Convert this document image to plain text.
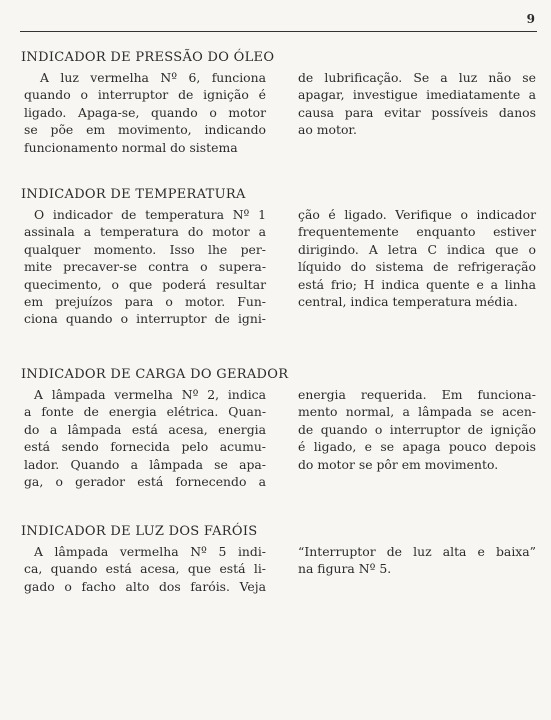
9
INDICADOR DE PRESSÃO DO ÓLEO
A luz vermelha Nº 6, funciona
quando o interruptor de ignição é
ligado. Apaga-se, quando o motor
se põe em movimento, indicando
funcionamento normal do sistema
de lubrificação. Se a luz não se
apagar, investigue imediatamente a
causa para evitar possíveis danos
ao motor.
INDICADOR DE TEMPERATURA
O indicador de temperatura Nº 1
assinala a temperatura do motor a
qualquer momento. Isso lhe per-
mite precaver-se contra o supera-
quecimento, o que poderá resultar
em prejuízos para o motor. Fun-
ciona quando o interruptor de igni-
ção é ligado. Verifique o indicador
frequentemente enquanto estiver
dirigindo. A letra C indica que o
líquido do sistema de refrigeração
está frio; H indica quente e a linha
central, indica temperatura média.
INDICADOR DE CARGA DO GERADOR
A lâmpada vermelha Nº 2, indica
a fonte de energia elétrica. Quan-
do a lâmpada está acesa, energia
está sendo fornecida pelo acumu-
lador. Quando a lâmpada se apa-
ga, o gerador está fornecendo a
energia requerida. Em funciona-
mento normal, a lâmpada se acen-
de quando o interruptor de ignição
é ligado, e se apaga pouco depois
do motor se pôr em movimento.
INDICADOR DE LUZ DOS FARÓIS
A lâmpada vermelha Nº 5 indi-
ca, quando está acesa, que está li-
gado o facho alto dos faróis. Veja
“Interruptor de luz alta e baixa”
na figura Nº 5.
